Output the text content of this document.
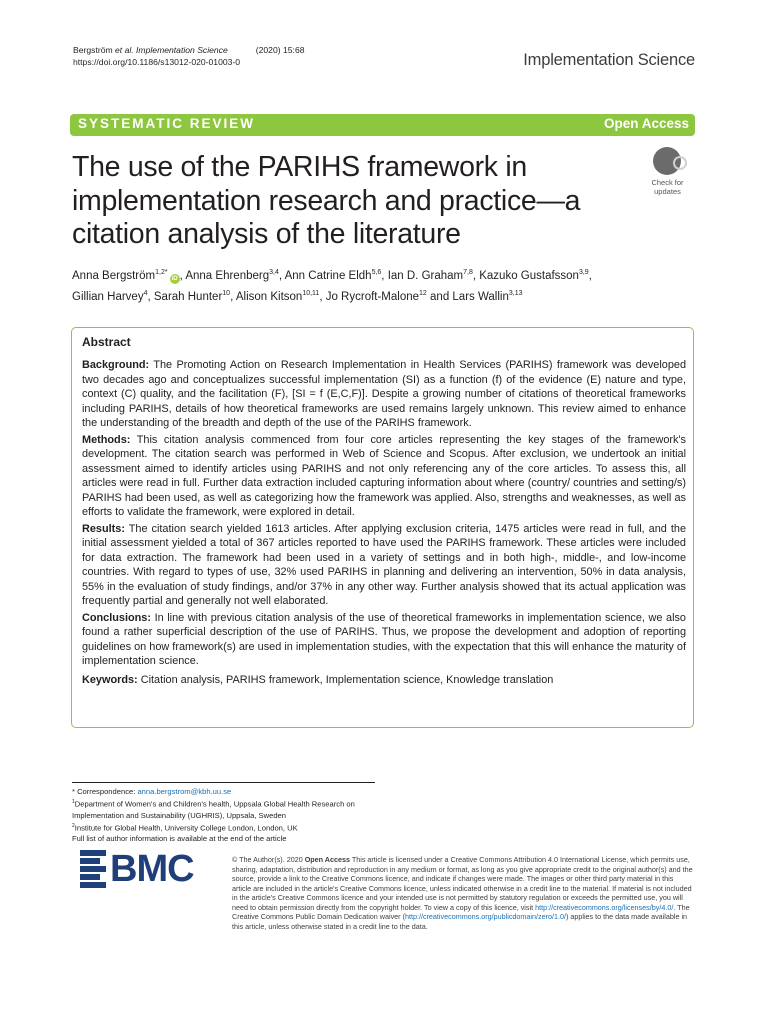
Bergström et al. Implementation Science	(2020) 15:68
https://doi.org/10.1186/s13012-020-01003-0	Implementation Science
SYSTEMATIC REVIEW	Open Access
The use of the PARIHS framework in implementation research and practice—a citation analysis of the literature
Check for
updates
Anna Bergström$^{1,2*}$iD , Anna Ehrenberg$^{3,4}$, Ann Catrine Eldh$^{5,6}$, Ian D. Graham$^{7,8}$, Kazuko Gustafsson$^{3,9}$,
Gillian Harvey$^4$, Sarah Hunter$^{10}$, Alison Kitson$^{10,11}$, Jo Rycroft-Malone$^{12}$ and Lars Wallin$^{3,13}$
Abstract

Background: The Promoting Action on Research Implementation in Health Services (PARIHS) framework was developed two decades ago and conceptualizes successful implementation (SI) as a function (f) of the evidence (E) nature and type, context (C) quality, and the facilitation (F), [SI = f (E,C,F)]. Despite a growing number of citations of theoretical frameworks including PARIHS, details of how theoretical frameworks are used remains largely unknown. This review aimed to enhance the understanding of the breadth and depth of the use of the PARIHS framework.

Methods: This citation analysis commenced from four core articles representing the key stages of the framework's development. The citation search was performed in Web of Science and Scopus. After exclusion, we undertook an initial assessment aimed to identify articles using PARIHS and not only referencing any of the core articles. To assess this, all articles were read in full. Further data extraction included capturing information about where (country/ countries and setting/s) PARIHS had been used, as well as categorizing how the framework was applied. Also, strengths and weaknesses, as well as efforts to validate the framework, were explored in detail.

Results: The citation search yielded 1613 articles. After applying exclusion criteria, 1475 articles were read in full, and the initial assessment yielded a total of 367 articles reported to have used the PARIHS framework. These articles were included for data extraction. The framework had been used in a variety of settings and in both high-, middle-, and low-income countries. With regard to types of use, 32% used PARIHS in planning and delivering an intervention, 50% in data analysis, 55% in the evaluation of study findings, and/or 37% in any other way. Further analysis showed that its actual application was frequently partial and generally not well elaborated.

Conclusions: In line with previous citation analysis of the use of theoretical frameworks in implementation science, we also found a rather superficial description of the use of PARIHS. Thus, we propose the development and adoption of reporting guidelines on how framework(s) are used in implementation studies, with the expectation that this will enhance the maturity of implementation science.

Keywords: Citation analysis, PARIHS framework, Implementation science, Knowledge translation

* Correspondence: anna.bergstrom@kbh.uu.se
$^1$Department of Women's and Children's health, Uppsala Global Health Research on Implementation and Sustainability (UGHRIS), Uppsala, Sweden
$^2$Institute for Global Health, University College London, London, UK
Full list of author information is available at the end of the article
BMC	© The Author(s). 2020 Open Access This article is licensed under a Creative Commons Attribution 4.0 International License, which permits use, sharing, adaptation, distribution and reproduction in any medium or format, as long as you give appropriate credit to the original author(s) and the source, provide a link to the Creative Commons licence, and indicate if changes were made. The images or other third party material in this article are included in the article's Creative Commons licence, unless indicated otherwise in a credit line to the material. If material is not included in the article's Creative Commons licence and your intended use is not permitted by statutory regulation or exceeds the permitted use, you will need to obtain permission directly from the copyright holder. To view a copy of this licence, visit http://creativecommons.org/licenses/by/4.0/. The Creative Commons Public Domain Dedication waiver (http://creativecommons.org/publicdomain/zero/1.0/) applies to the data made available in this article, unless otherwise stated in a credit line to the data.
